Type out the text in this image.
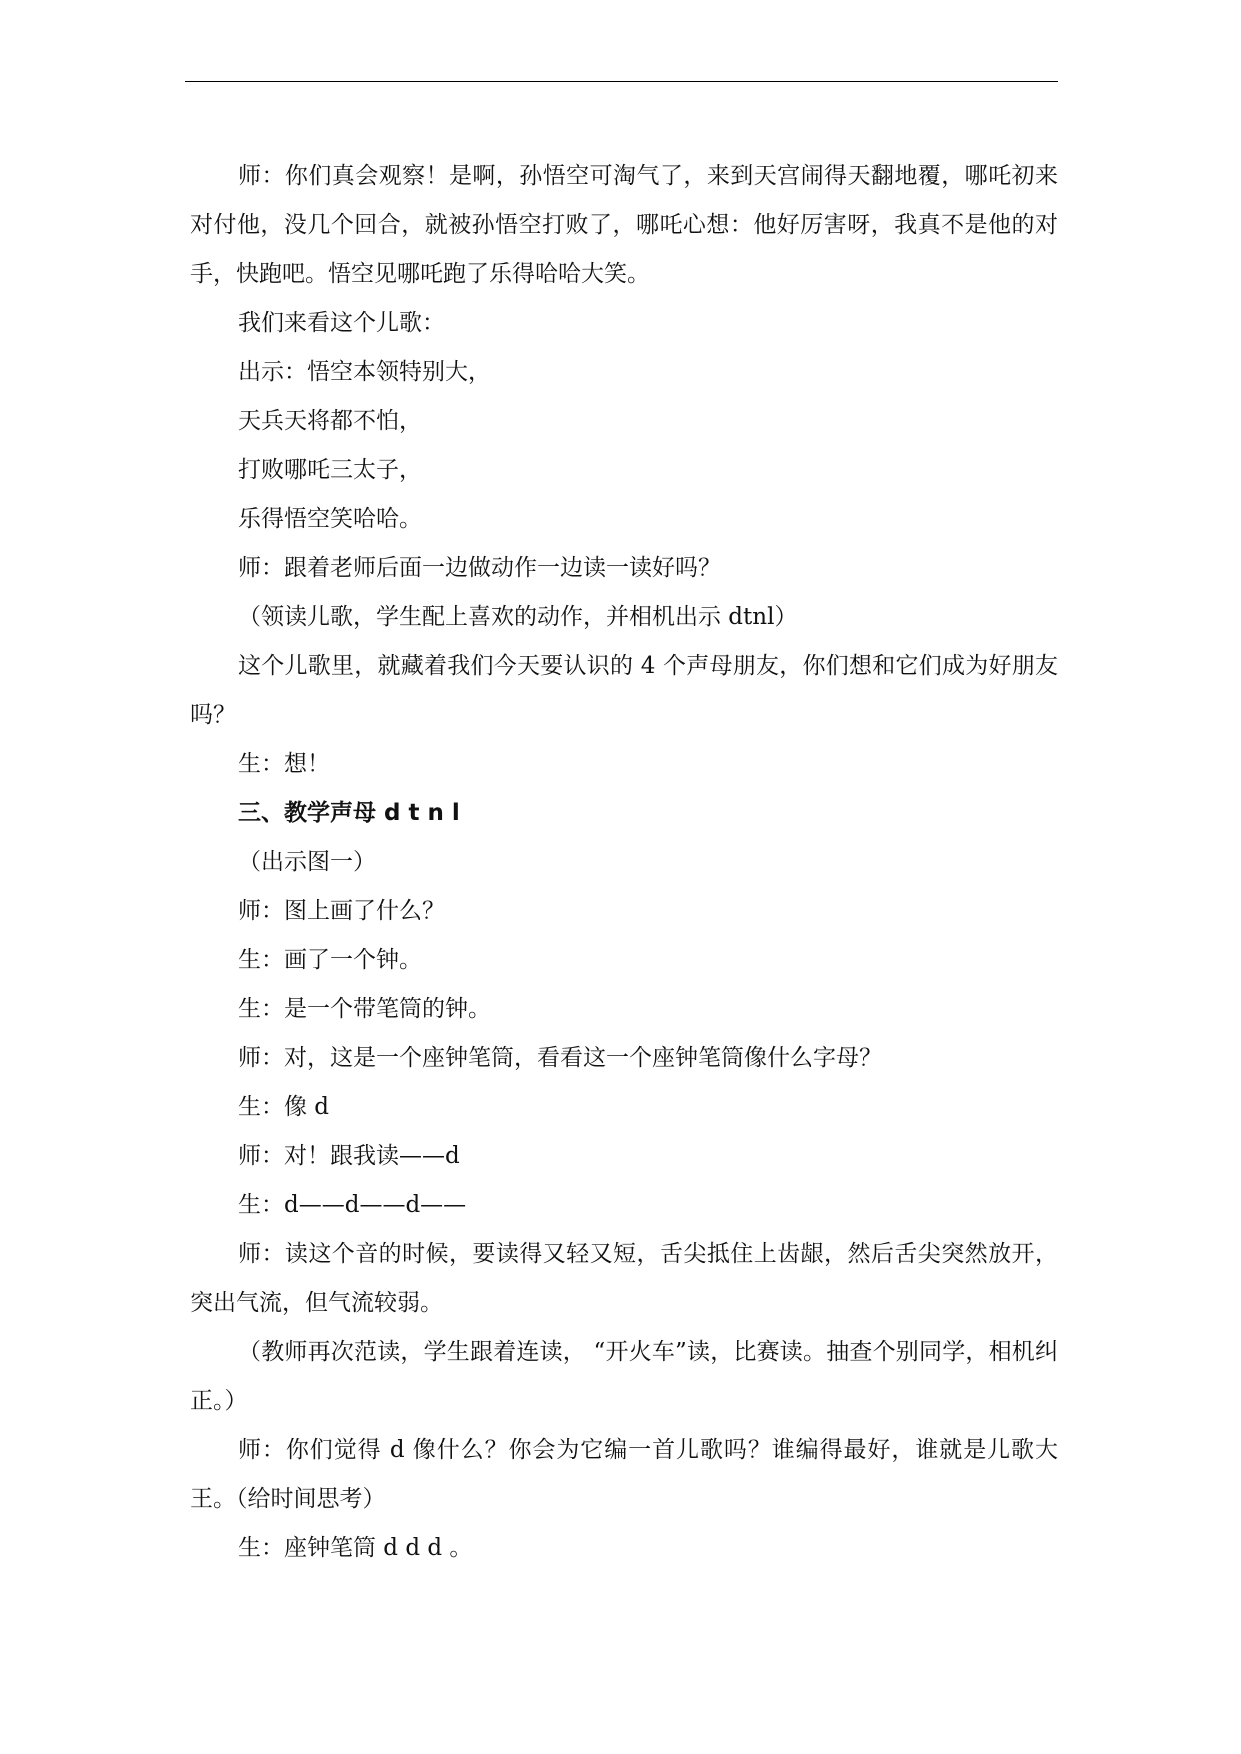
师：你们真会观察！是啊，孙悟空可淘气了，来到天宫闹得天翻地覆，哪吒初来对付他，没几个回合，就被孙悟空打败了，哪吒心想：他好厉害呀，我真不是他的对手，快跑吧。悟空见哪吒跑了乐得哈哈大笑。

我们来看这个儿歌：

出示：悟空本领特别大，

天兵天将都不怕，

打败哪吒三太子，

乐得悟空笑哈哈。

师：跟着老师后面一边做动作一边读一读好吗？

（领读儿歌，学生配上喜欢的动作，并相机出示 dtnl）

这个儿歌里，就藏着我们今天要认识的 4 个声母朋友，你们想和它们成为好朋友吗？

生：想！

三、教学声母 d t n l

（出示图一）

师：图上画了什么？

生：画了一个钟。

生：是一个带笔筒的钟。

师：对，这是一个座钟笔筒，看看这一个座钟笔筒像什么字母？

生：像 d

师：对！跟我读——d

生：d——d——d——

师：读这个音的时候，要读得又轻又短，舌尖抵住上齿龈，然后舌尖突然放开，突出气流，但气流较弱。

（教师再次范读，学生跟着连读， “开火车”读，比赛读。抽查个别同学，相机纠正。）

师：你们觉得 d 像什么？你会为它编一首儿歌吗？谁编得最好，谁就是儿歌大王。（给时间思考）

生：座钟笔筒 d d d 。
